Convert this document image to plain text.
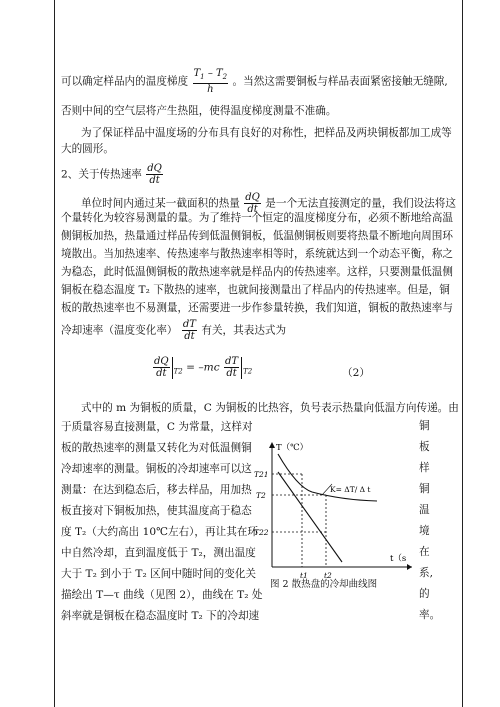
可以确定样品内的温度梯度 $\frac{T_1 - T_2}{h}$ 。当然这需要铜板与样品表面紧密接触无缝隙,
否则中间的空气层将产生热阻，使得温度梯度测量不准确。
为了保证样品中温度场的分布具有良好的对称性，把样品及两块铜板都加工成等
大的圆形。
2、关于传热速率 $\frac{dQ}{dt}$
单位时间内通过某一截面积的热量 $\frac{dQ}{dt}$ 是一个无法直接测定的量，我们设法将这
个量转化为较容易测量的量。为了维持一个恒定的温度梯度分布，必须不断地给高温
侧铜板加热，热量通过样品传到低温侧铜板，低温侧铜板则要将热量不断地向周围环
境散出。当加热速率、传热速率与散热速率相等时，系统就达到一个动态平衡，称之
为稳态，此时低温侧铜板的散热速率就是样品内的传热速率。这样，只要测量低温侧
铜板在稳态温度 T₂ 下散热的速率，也就间接测量出了样品内的传热速率。但是，铜
板的散热速率也不易测量，还需要进一步作参量转换，我们知道，铜板的散热速率与
冷却速率（温度变化率） $\frac{dT}{dt}$ 有关，其表达式为
$\frac{dQ}{dt} _{T2} = -mc \frac{dT}{dt} _{T2}$	（2）
式中的 m 为铜板的质量，C 为铜板的比热容，负号表示热量向低温方向传递。由
于质量容易直接测量，C 为常量，这样对
板的散热速率的测量又转化为对低温侧铜
冷却速率的测量。铜板的冷却速率可以这
测量：在达到稳态后，移去样品，用加热
板直接对下铜板加热，使其温度高于稳态
度 T₂（大约高出 10℃左右），再让其在环
中自然冷却，直到温度低于 T₂，测出温度
大于 T₂ 到小于 T₂ 区间中随时间的变化关
描绘出 T—τ 曲线（见图 2），曲线在 T₂ 处
斜率就是铜板在稳态温度时 T₂ 下的冷却速
铜
板
样
铜
温
境
在
系,
的
率。
T（℃）
t（s
T21
T2
T22
t1 t2
K= ΔT/ Δ t
图 2 散热盘的冷却曲线图
